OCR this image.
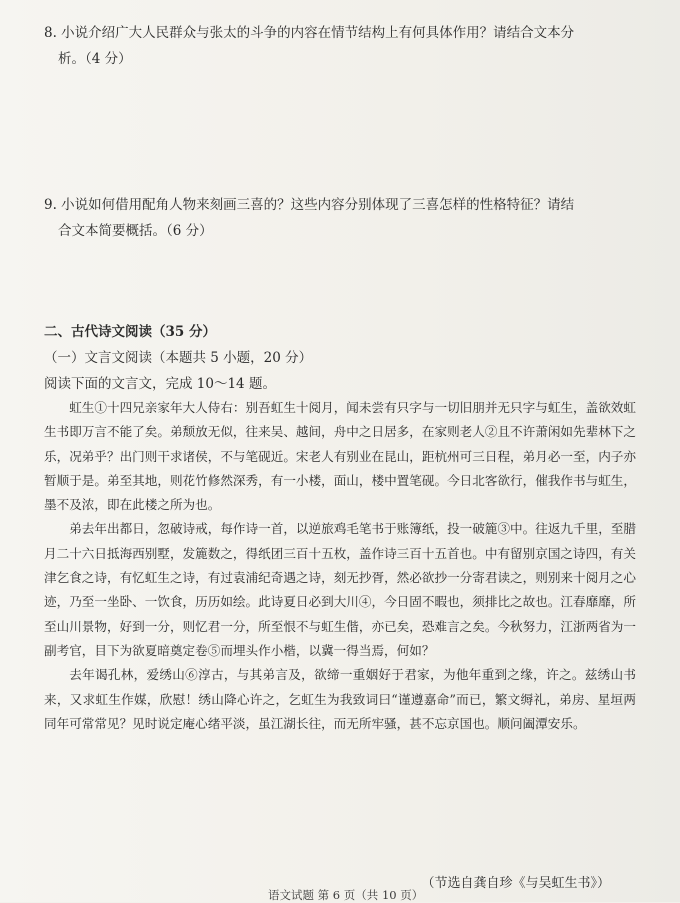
8. 小说介绍广大人民群众与张太的斗争的内容在情节结构上有何具体作用？请结合文本分
析。（4 分）
9. 小说如何借用配角人物来刻画三喜的？这些内容分别体现了三喜怎样的性格特征？请结
合文本简要概括。（6 分）
二、古代诗文阅读（35 分）
（一）文言文阅读（本题共 5 小题，20 分）
阅读下面的文言文，完成 10～14 题。

虹生①十四兄亲家年大人侍右：别吾虹生十阅月，闻未尝有只字与一切旧朋并无只字与虹生，盖欲效虹生书即万言不能了矣。弟颓放无似，往来吴、越间，舟中之日居多，在家则老人②且不许萧闲如先辈林下之乐，况弟乎？出门则干求诸侯，不与笔砚近。宋老人有别业在昆山，距杭州可三日程，弟月必一至，内子亦暂顺于是。弟至其地，则花竹修然深秀，有一小楼，面山，楼中置笔砚。今日北客欲行，催我作书与虹生，墨不及浓，即在此楼之所为也。

弟去年出都日，忽破诗戒，每作诗一首，以逆旅鸡毛笔书于账簿纸，投一破簏③中。往返九千里，至腊月二十六日抵海西别墅，发簏数之，得纸团三百十五枚，盖作诗三百十五首也。中有留别京国之诗四，有关津乞食之诗，有忆虹生之诗，有过袁浦纪奇遇之诗，刻无抄胥，然必欲抄一分寄君读之，则别来十阅月之心迹，乃至一坐卧、一饮食，历历如绘。此诗夏日必到大川④，今日固不暇也，须排比之故也。江春靡靡，所至山川景物，好到一分，则忆君一分，所至恨不与虹生偕，亦已矣，恐难言之矣。今秋努力，江浙两省为一副考官，目下为欲夏暗奠定卷⑤而埋头作小楷，以冀一得当焉，何如？

去年谒孔林，爱绣山⑥淳古，与其弟言及，欲缔一重姻好于君家，为他年重到之缘，许之。兹绣山书来，又求虹生作媒，欣慰！绣山降心许之，乞虹生为我致词曰“谨遵嘉命”而已，繁文缛礼，弟房、星垣两同年可常常见？见时说定庵心绪平淡，虽江湖长往，而无所牢骚，甚不忘京国也。顺问阖潭安乐。

（节选自龚自珍《与吴虹生书》）
语文试题 第 6 页（共 10 页）
